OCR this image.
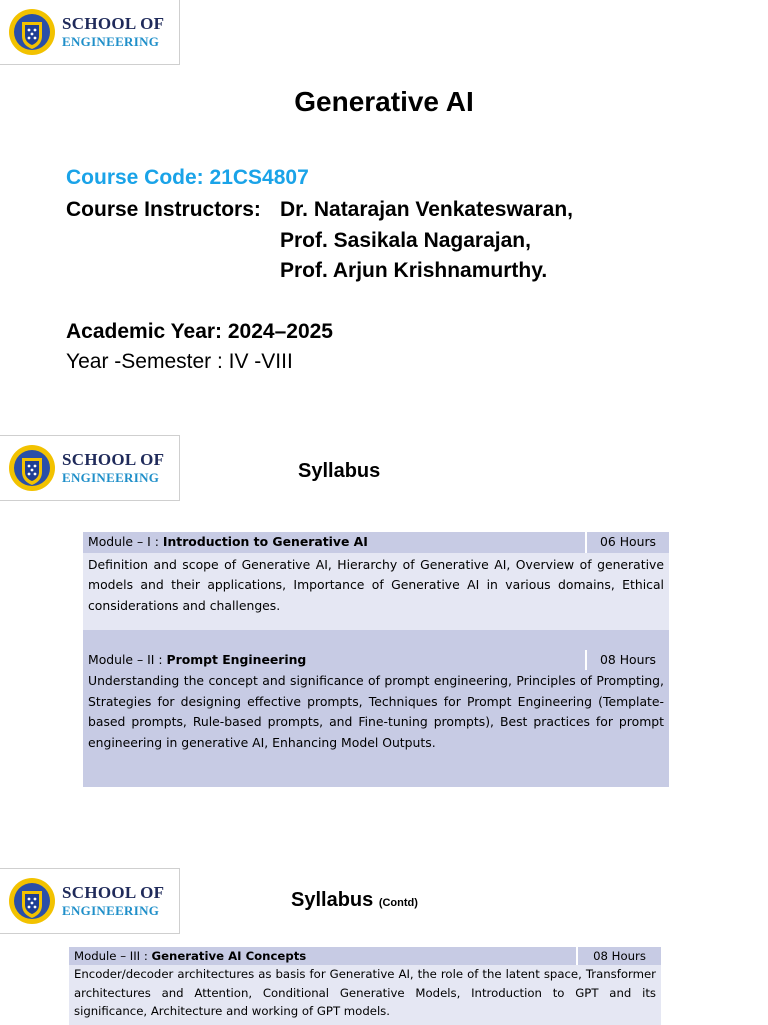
SCHOOL OF
ENGINEERING
Generative AI
Course Code: 21CS4807
Course Instructors: Dr. Natarajan Venkateswaran,
Prof. Sasikala Nagarajan,
Prof. Arjun Krishnamurthy.
Academic Year: 2024–2025
Year -Semester : IV -VIII
SCHOOL OF
ENGINEERING	Syllabus
Module – I : Introduction to Generative AI	06 Hours
Definition and scope of Generative AI, Hierarchy of Generative AI, Overview of generative models and their applications, Importance of Generative AI in various domains, Ethical considerations and challenges.	

Module – II : Prompt Engineering	08 Hours
Understanding the concept and significance of prompt engineering, Principles of Prompting, Strategies for designing effective prompts, Techniques for Prompt Engineering (Template-based prompts, Rule-based prompts, and Fine-tuning prompts), Best practices for prompt engineering in generative AI, Enhancing Model Outputs.	
SCHOOL OF
ENGINEERING	Syllabus (Contd)
Module – III : Generative AI Concepts	08 Hours
Encoder/decoder architectures as basis for Generative AI, the role of the latent space, Transformer architectures and Attention, Conditional Generative Models, Introduction to GPT and its significance, Architecture and working of GPT models.
